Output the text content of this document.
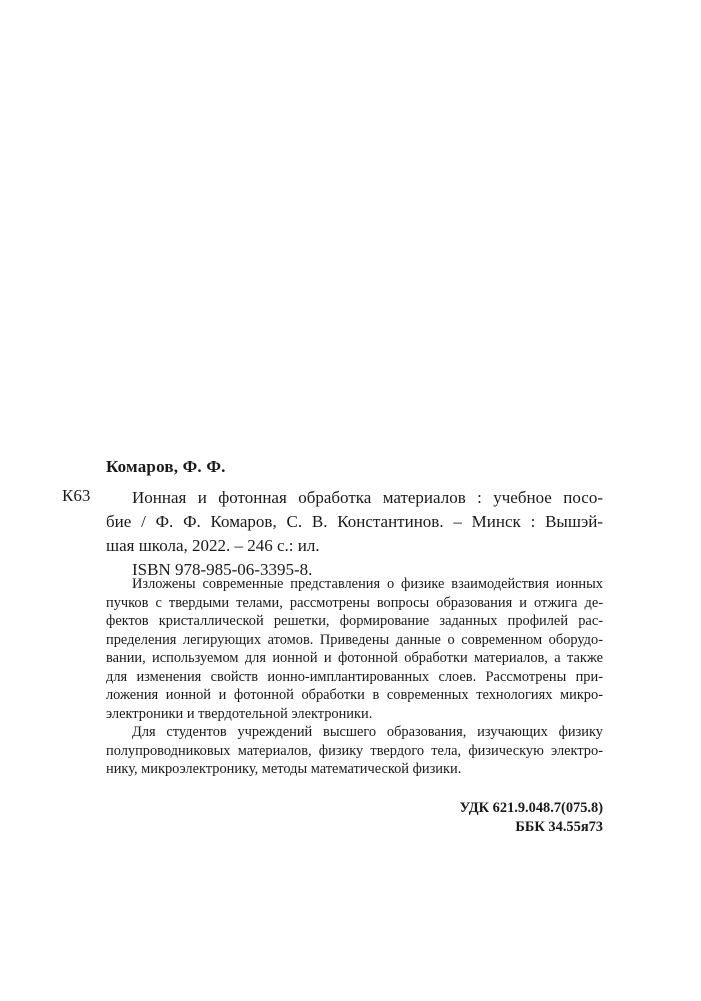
Комаров, Ф. Ф.
К63	Ионная и фотонная обработка материалов : учебное посо-
бие / Ф. Ф. Комаров, С. В. Константинов. – Минск : Вышэй-
шая школа, 2022. – 246 с.: ил.
ISBN 978-985-06-3395-8.
Изложены современные представления о физике взаимодействия ионных
пучков с твердыми телами, рассмотрены вопросы образования и отжига де-
фектов кристаллической решетки, формирование заданных профилей рас-
пределения легирующих атомов. Приведены данные о современном оборудо-
вании, используемом для ионной и фотонной обработки материалов, а также
для изменения свойств ионно-имплантированных слоев. Рассмотрены при-
ложения ионной и фотонной обработки в современных технологиях микро-
электроники и твердотельной электроники.
Для студентов учреждений высшего образования, изучающих физику
полупроводниковых материалов, физику твердого тела, физическую электро-
нику, микроэлектронику, методы математической физики.
УДК 621.9.048.7(075.8)
ББК 34.55я73
